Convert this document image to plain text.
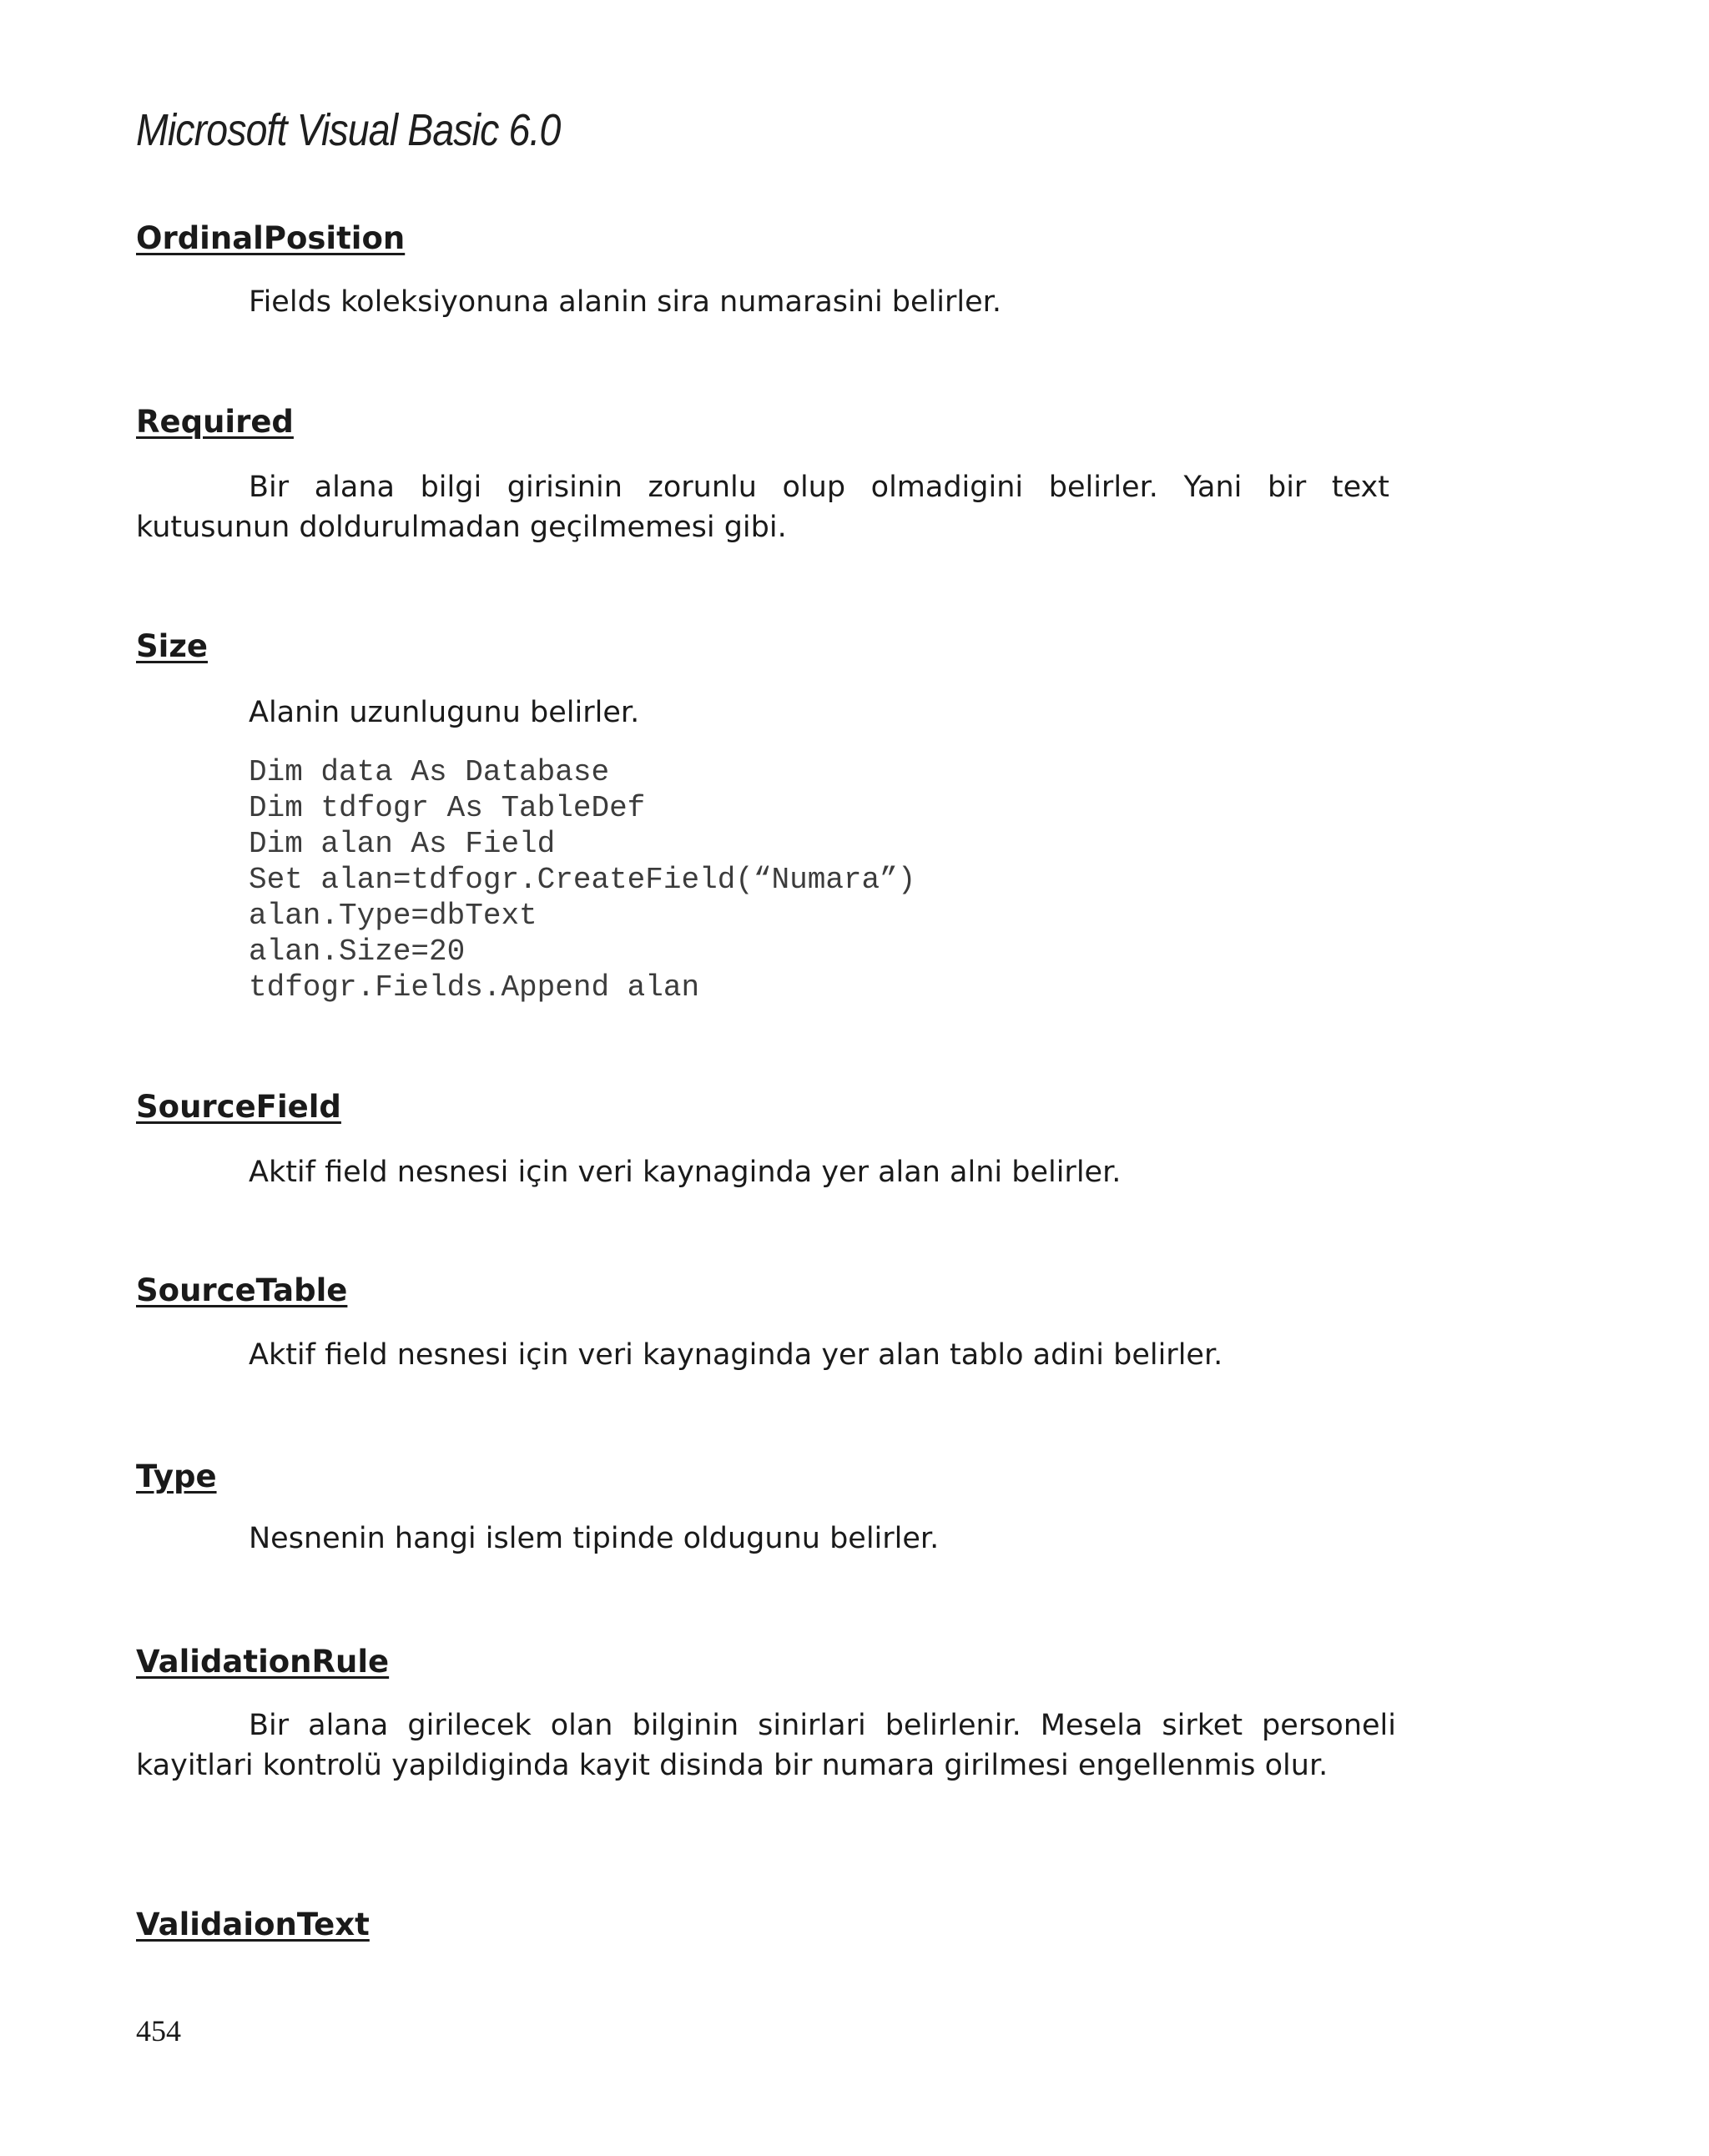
Microsoft Visual Basic 6.0
OrdinalPosition
Fields koleksiyonuna alanin sira numarasini belirler.
Required
Bir alana bilgi girisinin zorunlu olup olmadigini belirler. Yani bir text kutusunun doldurulmadan geçilmemesi gibi.
Size
Alanin uzunlugunu belirler.
Dim data As Database
Dim tdfogr As TableDef
Dim alan As Field
Set alan=tdfogr.CreateField(“Numara”)
alan.Type=dbText
alan.Size=20
tdfogr.Fields.Append alan
SourceField
Aktif field nesnesi için veri kaynaginda yer alan alni belirler.
SourceTable
Aktif field nesnesi için veri kaynaginda yer alan tablo adini belirler.
Type
Nesnenin hangi islem tipinde oldugunu belirler.
ValidationRule
Bir alana girilecek olan bilginin sinirlari belirlenir. Mesela sirket personeli kayitlari kontrolü yapildiginda kayit disinda bir numara girilmesi engellenmis olur.
ValidaionText
454
